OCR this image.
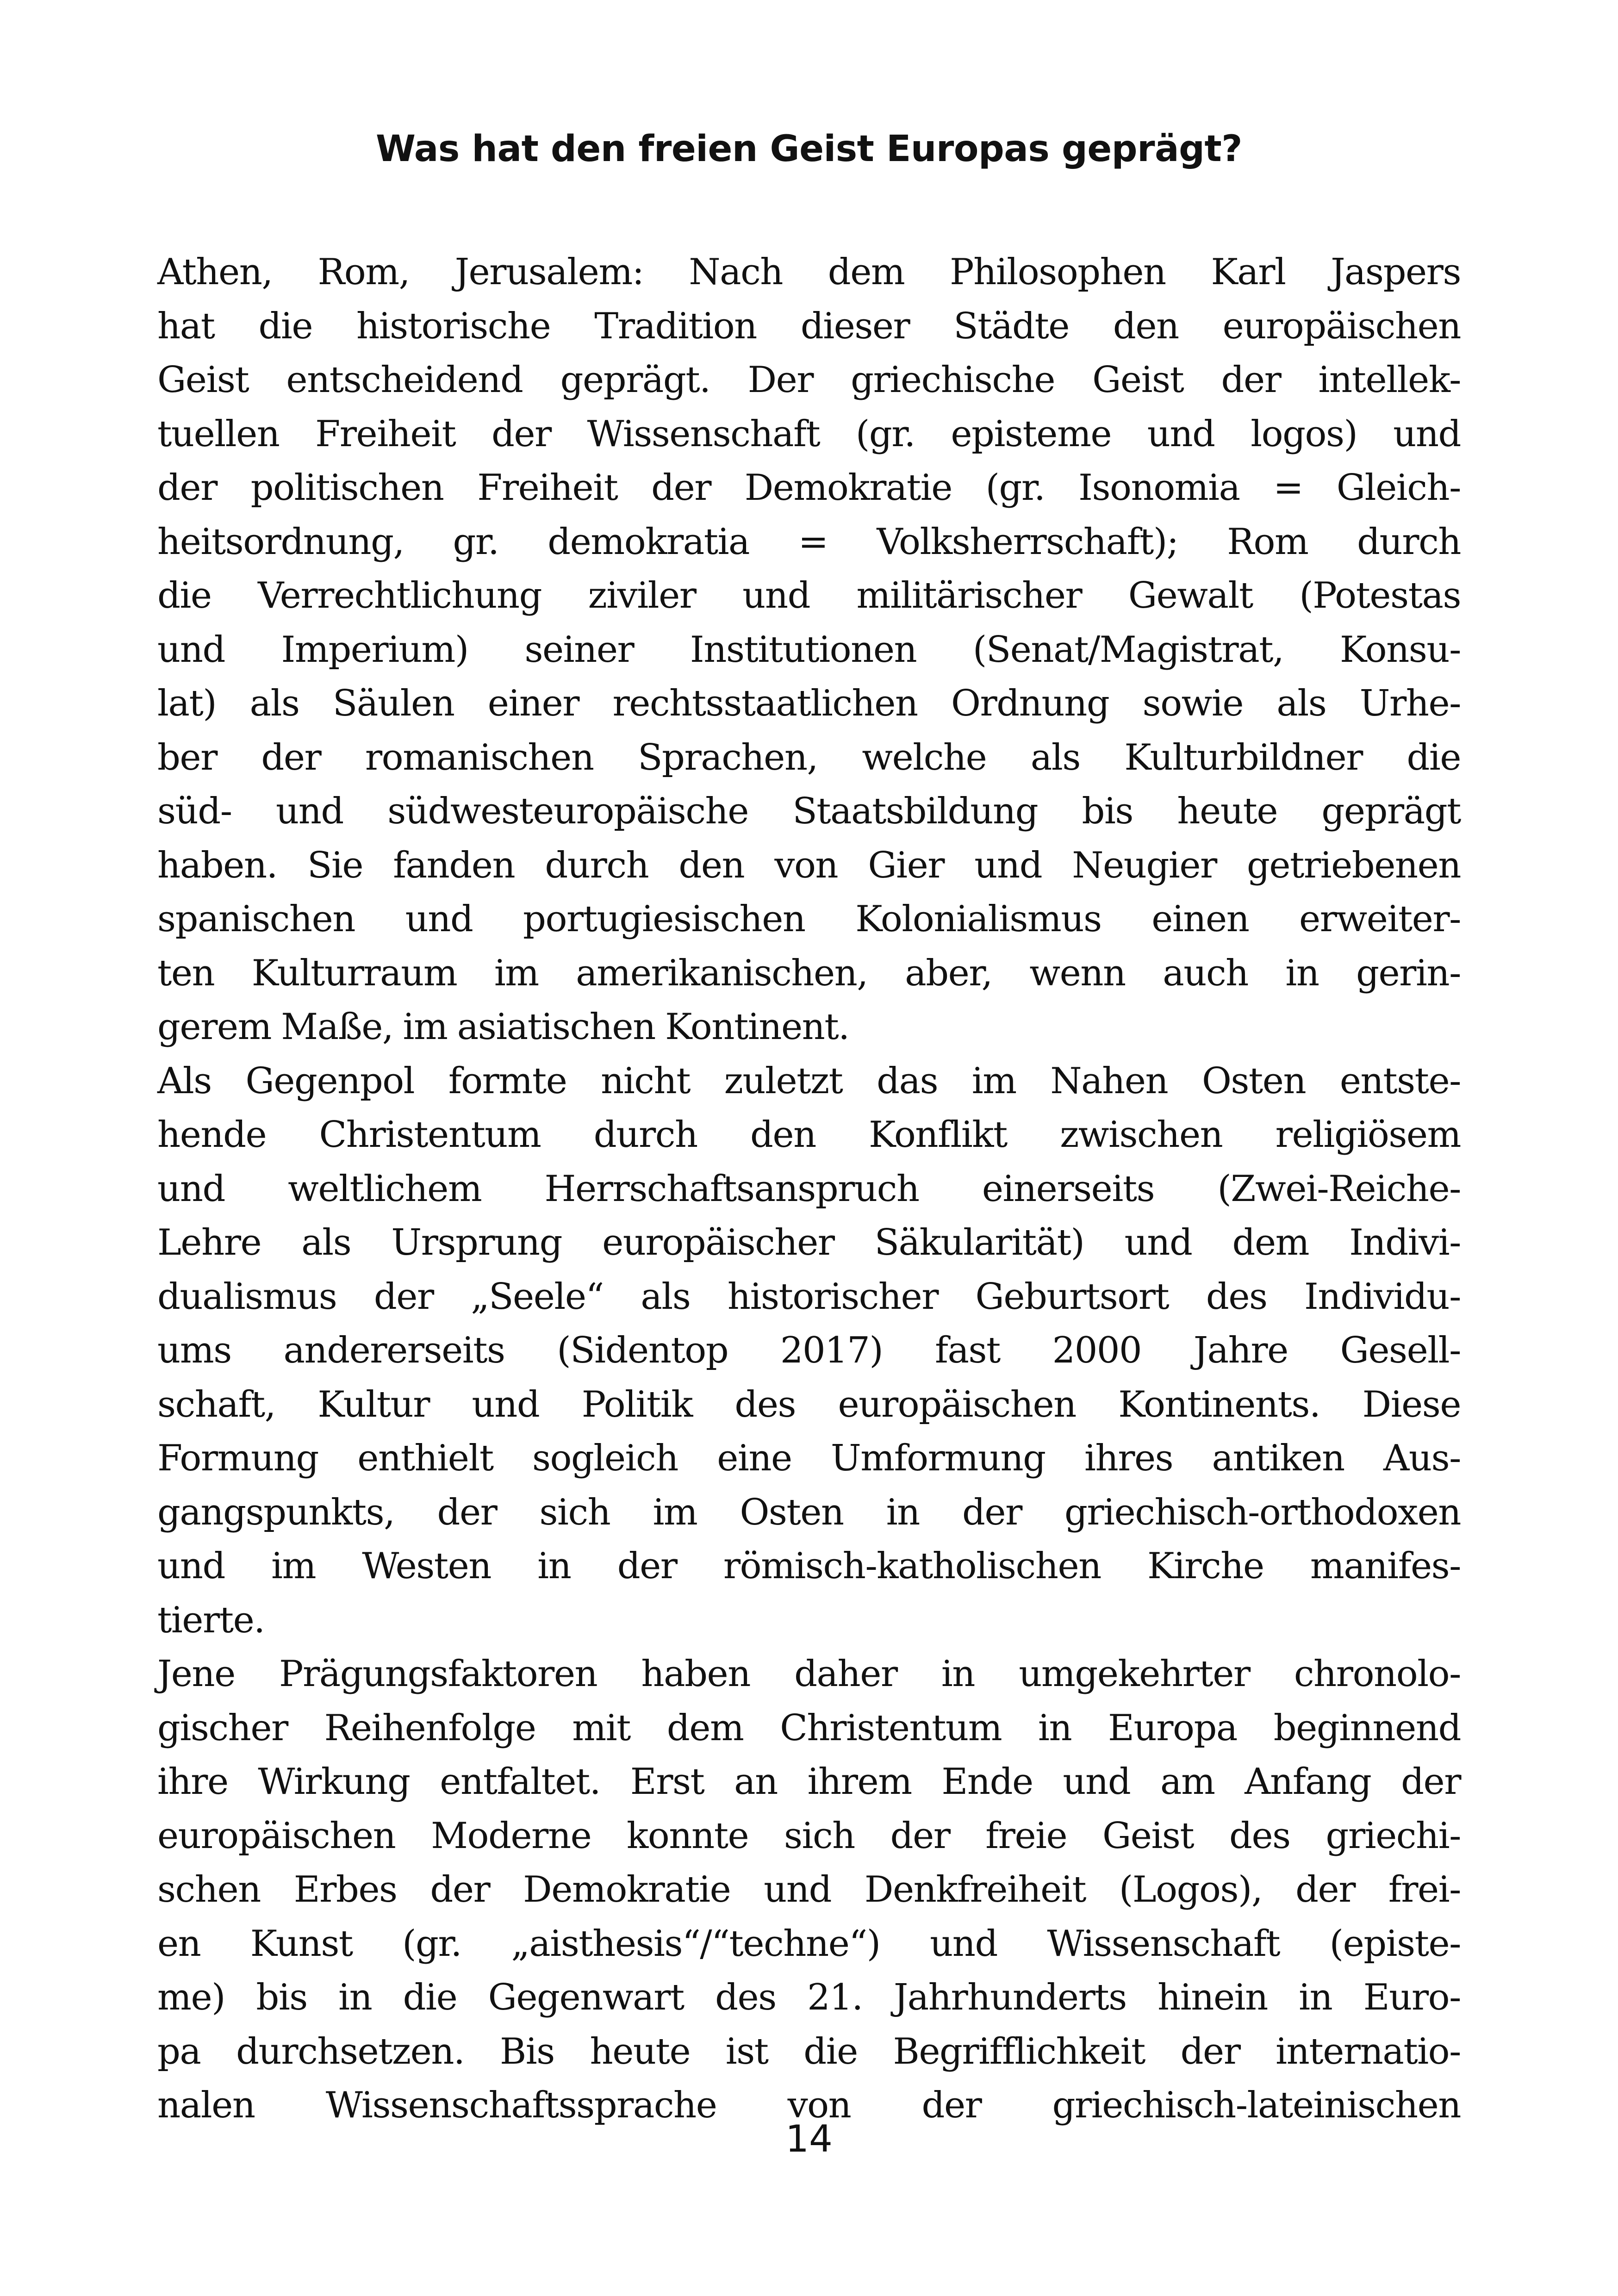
Was hat den freien Geist Europas geprägt?
Athen, Rom, Jerusalem: Nach dem Philosophen Karl Jaspers
hat die historische Tradition dieser Städte den europäischen
Geist entscheidend geprägt. Der griechische Geist der intellek-
tuellen Freiheit der Wissenschaft (gr. episteme und logos) und
der politischen Freiheit der Demokratie (gr. Isonomia = Gleich-
heitsordnung, gr. demokratia = Volksherrschaft); Rom durch
die Verrechtlichung ziviler und militärischer Gewalt (Potestas
und Imperium) seiner Institutionen (Senat/Magistrat, Konsu-
lat) als Säulen einer rechtsstaatlichen Ordnung sowie als Urhe-
ber der romanischen Sprachen, welche als Kulturbildner die
süd- und südwesteuropäische Staatsbildung bis heute geprägt
haben. Sie fanden durch den von Gier und Neugier getriebenen
spanischen und portugiesischen Kolonialismus einen erweiter-
ten Kulturraum im amerikanischen, aber, wenn auch in gerin-
gerem Maße, im asiatischen Kontinent.
Als Gegenpol formte nicht zuletzt das im Nahen Osten entste-
hende Christentum durch den Konflikt zwischen religiösem
und weltlichem Herrschaftsanspruch einerseits (Zwei-Reiche-
Lehre als Ursprung europäischer Säkularität) und dem Indivi-
dualismus der „Seele“ als historischer Geburtsort des Individu-
ums andererseits (Sidentop 2017) fast 2000 Jahre Gesell-
schaft, Kultur und Politik des europäischen Kontinents. Diese
Formung enthielt sogleich eine Umformung ihres antiken Aus-
gangspunkts, der sich im Osten in der griechisch-orthodoxen
und im Westen in der römisch-katholischen Kirche manifes-
tierte.
Jene Prägungsfaktoren haben daher in umgekehrter chronolo-
gischer Reihenfolge mit dem Christentum in Europa beginnend
ihre Wirkung entfaltet. Erst an ihrem Ende und am Anfang der
europäischen Moderne konnte sich der freie Geist des griechi-
schen Erbes der Demokratie und Denkfreiheit (Logos), der frei-
en Kunst (gr. „aisthesis“/“techne“) und Wissenschaft (episte-
me) bis in die Gegenwart des 21. Jahrhunderts hinein in Euro-
pa durchsetzen. Bis heute ist die Begrifflichkeit der internatio-
nalen Wissenschaftssprache von der griechisch-lateinischen
14
